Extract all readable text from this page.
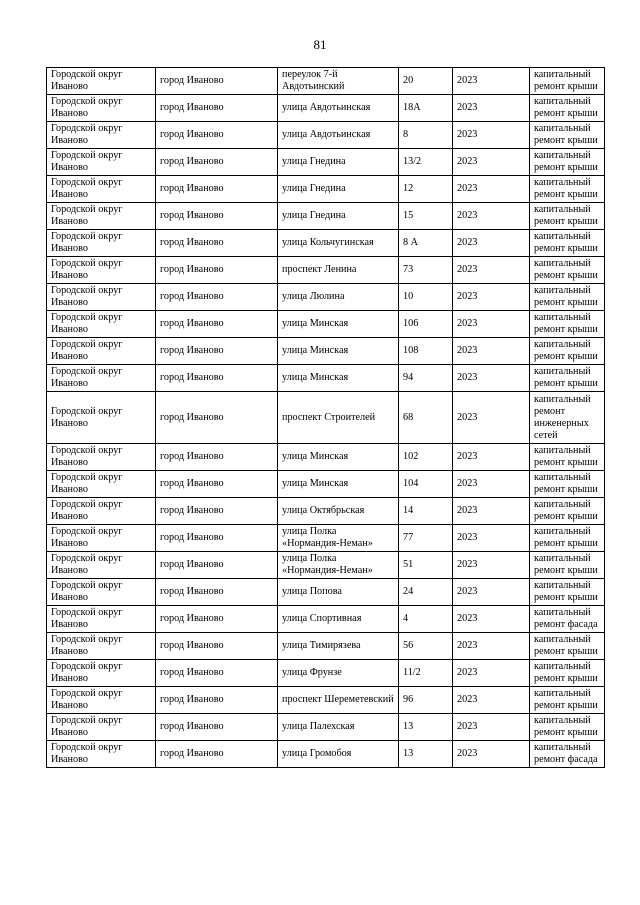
81
Городской округ Иваново	город Иваново	переулок 7-й Авдотьинский	20	2023	капитальный ремонт крыши
Городской округ Иваново	город Иваново	улица Авдотьинская	18А	2023	капитальный ремонт крыши
Городской округ Иваново	город Иваново	улица Авдотьинская	8	2023	капитальный ремонт крыши
Городской округ Иваново	город Иваново	улица Гнедина	13/2	2023	капитальный ремонт крыши
Городской округ Иваново	город Иваново	улица Гнедина	12	2023	капитальный ремонт крыши
Городской округ Иваново	город Иваново	улица Гнедина	15	2023	капитальный ремонт крыши
Городской округ Иваново	город Иваново	улица Кольчугинская	8 А	2023	капитальный ремонт крыши
Городской округ Иваново	город Иваново	проспект Ленина	73	2023	капитальный ремонт крыши
Городской округ Иваново	город Иваново	улица Люлина	10	2023	капитальный ремонт крыши
Городской округ Иваново	город Иваново	улица Минская	106	2023	капитальный ремонт крыши
Городской округ Иваново	город Иваново	улица Минская	108	2023	капитальный ремонт крыши
Городской округ Иваново	город Иваново	улица Минская	94	2023	капитальный ремонт крыши
Городской округ Иваново	город Иваново	проспект Строителей	68	2023	капитальный ремонт инженерных сетей
Городской округ Иваново	город Иваново	улица Минская	102	2023	капитальный ремонт крыши
Городской округ Иваново	город Иваново	улица Минская	104	2023	капитальный ремонт крыши
Городской округ Иваново	город Иваново	улица Октябрьская	14	2023	капитальный ремонт крыши
Городской округ Иваново	город Иваново	улица Полка «Нормандия-Неман»	77	2023	капитальный ремонт крыши
Городской округ Иваново	город Иваново	улица Полка «Нормандия-Неман»	51	2023	капитальный ремонт крыши
Городской округ Иваново	город Иваново	улица Попова	24	2023	капитальный ремонт крыши
Городской округ Иваново	город Иваново	улица Спортивная	4	2023	капитальный ремонт фасада
Городской округ Иваново	город Иваново	улица Тимирязева	56	2023	капитальный ремонт крыши
Городской округ Иваново	город Иваново	улица Фрунзе	11/2	2023	капитальный ремонт крыши
Городской округ Иваново	город Иваново	проспект Шереметевский	96	2023	капитальный ремонт крыши
Городской округ Иваново	город Иваново	улица Палехская	13	2023	капитальный ремонт крыши
Городской округ Иваново	город Иваново	улица Громобоя	13	2023	капитальный ремонт фасада
